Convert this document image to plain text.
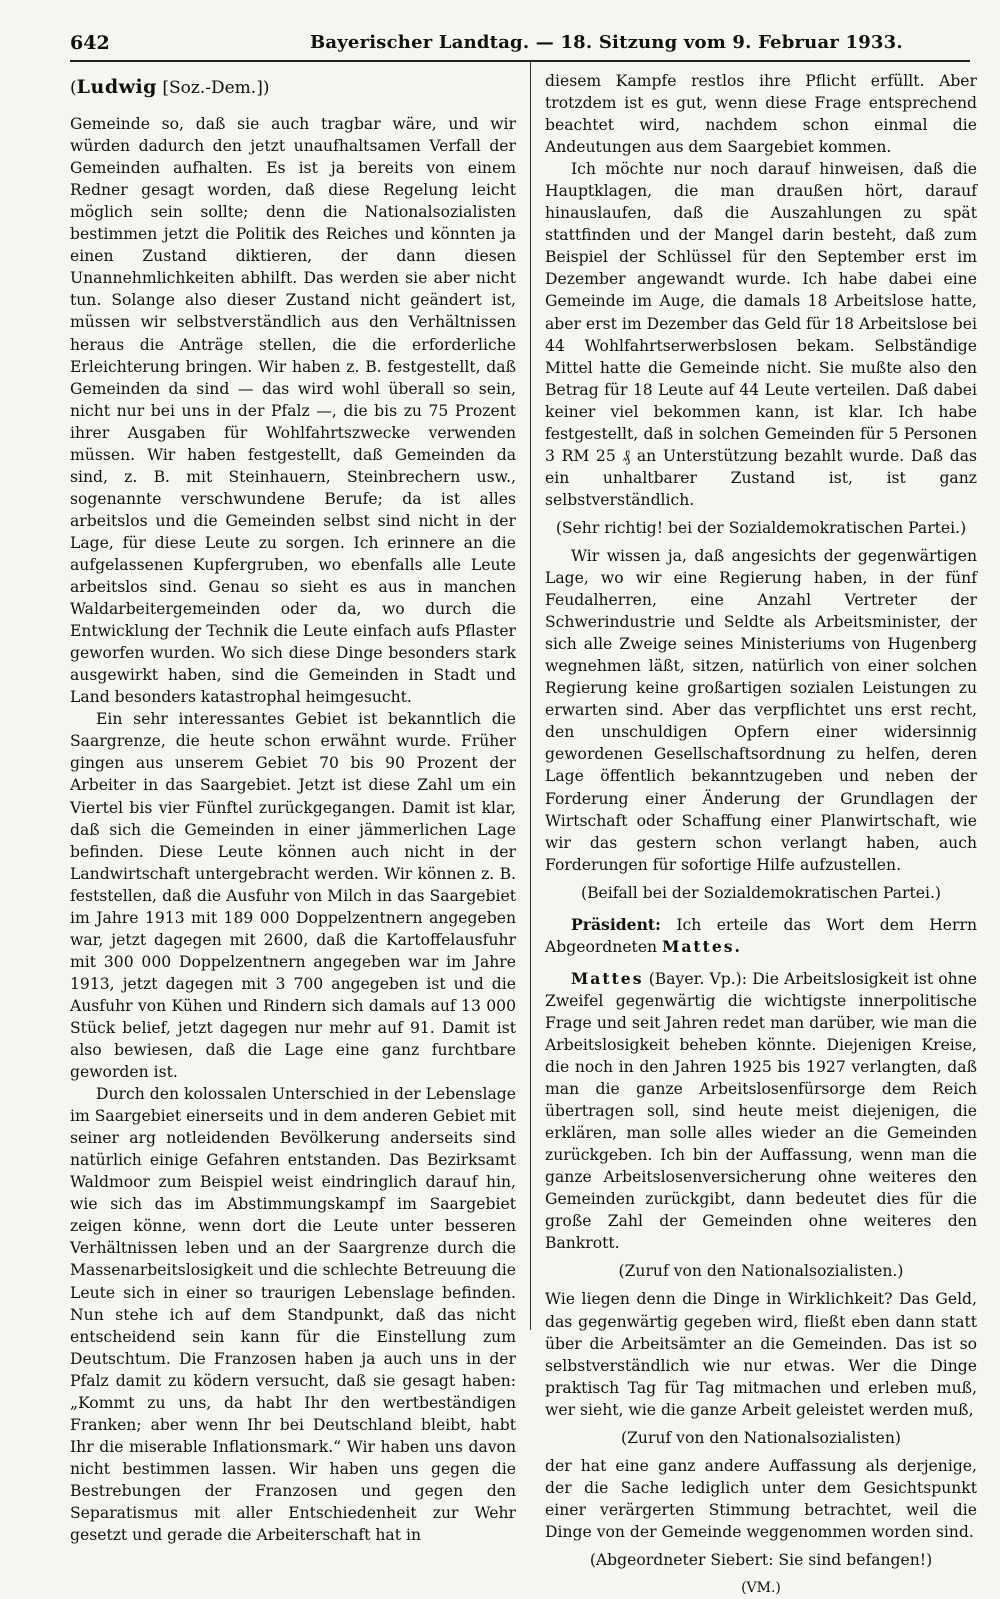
642	Bayerischer Landtag. — 18. Sitzung vom 9. Februar 1933.

(Ludwig [Soz.-Dem.])

Gemeinde so, daß sie auch tragbar wäre, und wir würden dadurch den jetzt unaufhaltsamen Verfall der Gemeinden aufhalten. Es ist ja bereits von einem Redner gesagt worden, daß diese Regelung leicht möglich sein sollte; denn die Nationalsozialisten bestimmen jetzt die Politik des Reiches und könnten ja einen Zustand diktieren, der dann diesen Unannehmlichkeiten abhilft. Das werden sie aber nicht tun. Solange also dieser Zustand nicht geändert ist, müssen wir selbstverständlich aus den Verhältnissen heraus die Anträge stellen, die die erforderliche Erleichterung bringen. Wir haben z. B. festgestellt, daß Gemeinden da sind — das wird wohl überall so sein, nicht nur bei uns in der Pfalz —, die bis zu 75 Prozent ihrer Ausgaben für Wohlfahrtszwecke verwenden müssen. Wir haben festgestellt, daß Gemeinden da sind, z. B. mit Steinhauern, Steinbrechern usw., sogenannte verschwundene Berufe; da ist alles arbeitslos und die Gemeinden selbst sind nicht in der Lage, für diese Leute zu sorgen. Ich erinnere an die aufgelassenen Kupfergruben, wo ebenfalls alle Leute arbeitslos sind. Genau so sieht es aus in manchen Waldarbeitergemeinden oder da, wo durch die Entwicklung der Technik die Leute einfach aufs Pflaster geworfen wurden. Wo sich diese Dinge besonders stark ausgewirkt haben, sind die Gemeinden in Stadt und Land besonders katastrophal heimgesucht.

Ein sehr interessantes Gebiet ist bekanntlich die Saargrenze, die heute schon erwähnt wurde. Früher gingen aus unserem Gebiet 70 bis 90 Prozent der Arbeiter in das Saargebiet. Jetzt ist diese Zahl um ein Viertel bis vier Fünftel zurückgegangen. Damit ist klar, daß sich die Gemeinden in einer jämmerlichen Lage befinden. Diese Leute können auch nicht in der Landwirtschaft untergebracht werden. Wir können z. B. feststellen, daß die Ausfuhr von Milch in das Saargebiet im Jahre 1913 mit 189 000 Doppelzentnern angegeben war, jetzt dagegen mit 2600, daß die Kartoffelausfuhr mit 300 000 Doppelzentnern angegeben war im Jahre 1913, jetzt dagegen mit 3 700 angegeben ist und die Ausfuhr von Kühen und Rindern sich damals auf 13 000 Stück belief, jetzt dagegen nur mehr auf 91. Damit ist also bewiesen, daß die Lage eine ganz furchtbare geworden ist.

Durch den kolossalen Unterschied in der Lebenslage im Saargebiet einerseits und in dem anderen Gebiet mit seiner arg notleidenden Bevölkerung anderseits sind natürlich einige Gefahren entstanden. Das Bezirksamt Waldmoor zum Beispiel weist eindringlich darauf hin, wie sich das im Abstimmungskampf im Saargebiet zeigen könne, wenn dort die Leute unter besseren Verhältnissen leben und an der Saargrenze durch die Massenarbeitslosigkeit und die schlechte Betreuung die Leute sich in einer so traurigen Lebenslage befinden. Nun stehe ich auf dem Standpunkt, daß das nicht entscheidend sein kann für die Einstellung zum Deutschtum. Die Franzosen haben ja auch uns in der Pfalz damit zu ködern versucht, daß sie gesagt haben: „Kommt zu uns, da habt Ihr den wertbeständigen Franken; aber wenn Ihr bei Deutschland bleibt, habt Ihr die miserable Inflationsmark.“ Wir haben uns davon nicht bestimmen lassen. Wir haben uns gegen die Bestrebungen der Franzosen und gegen den Separatismus mit aller Entschiedenheit zur Wehr gesetzt und gerade die Arbeiterschaft hat in

diesem Kampfe restlos ihre Pflicht erfüllt. Aber trotzdem ist es gut, wenn diese Frage entsprechend beachtet wird, nachdem schon einmal die Andeutungen aus dem Saargebiet kommen.

Ich möchte nur noch darauf hinweisen, daß die Hauptklagen, die man draußen hört, darauf hinauslaufen, daß die Auszahlungen zu spät stattfinden und der Mangel darin besteht, daß zum Beispiel der Schlüssel für den September erst im Dezember angewandt wurde. Ich habe dabei eine Gemeinde im Auge, die damals 18 Arbeitslose hatte, aber erst im Dezember das Geld für 18 Arbeitslose bei 44 Wohlfahrtserwerbslosen bekam. Selbständige Mittel hatte die Gemeinde nicht. Sie mußte also den Betrag für 18 Leute auf 44 Leute verteilen. Daß dabei keiner viel bekommen kann, ist klar. Ich habe festgestellt, daß in solchen Gemeinden für 5 Personen 3 RM 25 ₰ an Unterstützung bezahlt wurde. Daß das ein unhaltbarer Zustand ist, ist ganz selbstverständlich.

(Sehr richtig! bei der Sozialdemokratischen Partei.)

Wir wissen ja, daß angesichts der gegenwärtigen Lage, wo wir eine Regierung haben, in der fünf Feudalherren, eine Anzahl Vertreter der Schwerindustrie und Seldte als Arbeitsminister, der sich alle Zweige seines Ministeriums von Hugenberg wegnehmen läßt, sitzen, natürlich von einer solchen Regierung keine großartigen sozialen Leistungen zu erwarten sind. Aber das verpflichtet uns erst recht, den unschuldigen Opfern einer widersinnig gewordenen Gesellschaftsordnung zu helfen, deren Lage öffentlich bekanntzugeben und neben der Forderung einer Änderung der Grundlagen der Wirtschaft oder Schaffung einer Planwirtschaft, wie wir das gestern schon verlangt haben, auch Forderungen für sofortige Hilfe aufzustellen.

(Beifall bei der Sozialdemokratischen Partei.)

Präsident: Ich erteile das Wort dem Herrn Abgeordneten Mattes.

Mattes (Bayer. Vp.): Die Arbeitslosigkeit ist ohne Zweifel gegenwärtig die wichtigste innerpolitische Frage und seit Jahren redet man darüber, wie man die Arbeitslosigkeit beheben könnte. Diejenigen Kreise, die noch in den Jahren 1925 bis 1927 verlangten, daß man die ganze Arbeitslosenfürsorge dem Reich übertragen soll, sind heute meist diejenigen, die erklären, man solle alles wieder an die Gemeinden zurückgeben. Ich bin der Auffassung, wenn man die ganze Arbeitslosenversicherung ohne weiteres den Gemeinden zurückgibt, dann bedeutet dies für die große Zahl der Gemeinden ohne weiteres den Bankrott.

(Zuruf von den Nationalsozialisten.)

Wie liegen denn die Dinge in Wirklichkeit? Das Geld, das gegenwärtig gegeben wird, fließt eben dann statt über die Arbeitsämter an die Gemeinden. Das ist so selbstverständlich wie nur etwas. Wer die Dinge praktisch Tag für Tag mitmachen und erleben muß, wer sieht, wie die ganze Arbeit geleistet werden muß,

(Zuruf von den Nationalsozialisten)

der hat eine ganz andere Auffassung als derjenige, der die Sache lediglich unter dem Gesichtspunkt einer verärgerten Stimmung betrachtet, weil die Dinge von der Gemeinde weggenommen worden sind.

(Abgeordneter Siebert: Sie sind befangen!)

(VM.)
